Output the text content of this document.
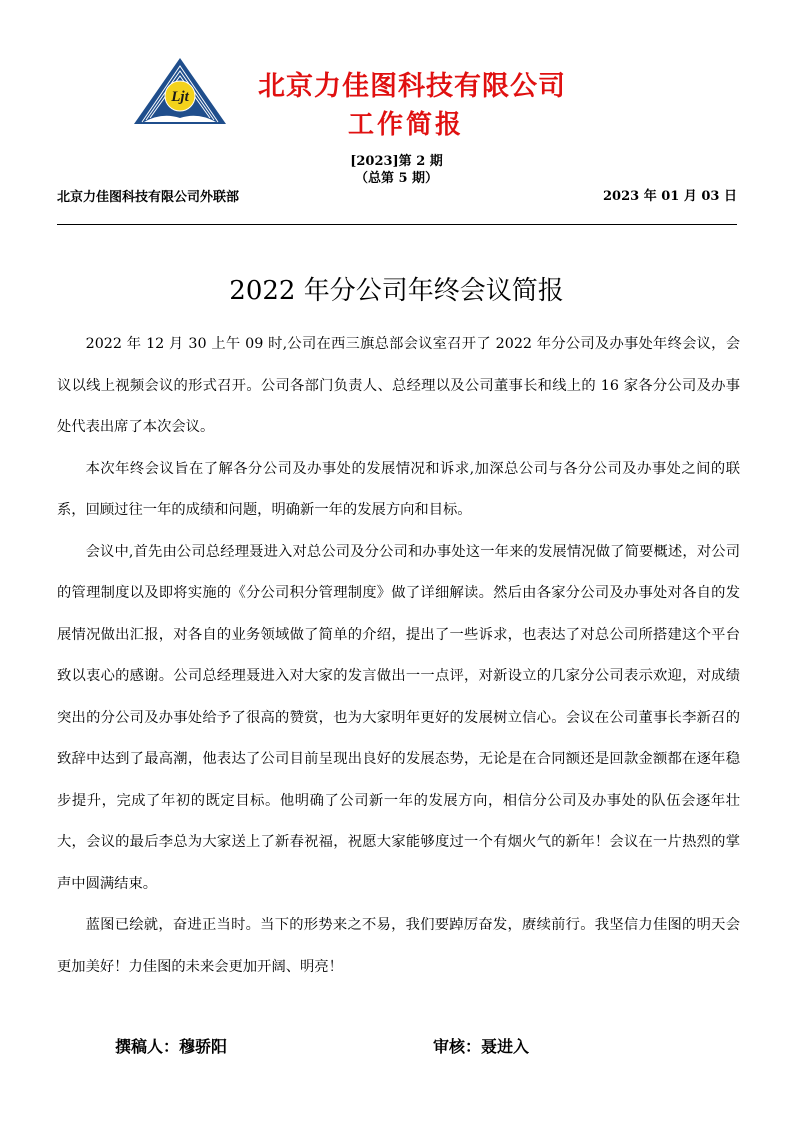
Ljt	北京力佳图科技有限公司
工作简报
[2023]第 2 期
（总第 5 期）
北京力佳图科技有限公司外联部	2023 年 01 月 03 日
2022 年分公司年终会议简报

2022 年 12 月 30 上午 09 时,公司在西三旗总部会议室召开了 2022 年分公司及办事处年终会议，会议以线上视频会议的形式召开。公司各部门负责人、总经理以及公司董事长和线上的 16 家各分公司及办事处代表出席了本次会议。

本次年终会议旨在了解各分公司及办事处的发展情况和诉求,加深总公司与各分公司及办事处之间的联系，回顾过往一年的成绩和问题，明确新一年的发展方向和目标。

会议中,首先由公司总经理聂进入对总公司及分公司和办事处这一年来的发展情况做了简要概述，对公司的管理制度以及即将实施的《分公司积分管理制度》做了详细解读。然后由各家分公司及办事处对各自的发展情况做出汇报，对各自的业务领域做了简单的介绍，提出了一些诉求，也表达了对总公司所搭建这个平台致以衷心的感谢。公司总经理聂进入对大家的发言做出一一点评，对新设立的几家分公司表示欢迎，对成绩突出的分公司及办事处给予了很高的赞赏，也为大家明年更好的发展树立信心。会议在公司董事长李新召的致辞中达到了最高潮，他表达了公司目前呈现出良好的发展态势，无论是在合同额还是回款金额都在逐年稳步提升，完成了年初的既定目标。他明确了公司新一年的发展方向，相信分公司及办事处的队伍会逐年壮大，会议的最后李总为大家送上了新春祝福，祝愿大家能够度过一个有烟火气的新年！会议在一片热烈的掌声中圆满结束。

蓝图已绘就，奋进正当时。当下的形势来之不易，我们要踔厉奋发，赓续前行。我坚信力佳图的明天会更加美好！力佳图的未来会更加开阔、明亮！

撰稿人：穆骄阳	审核：聂进入
